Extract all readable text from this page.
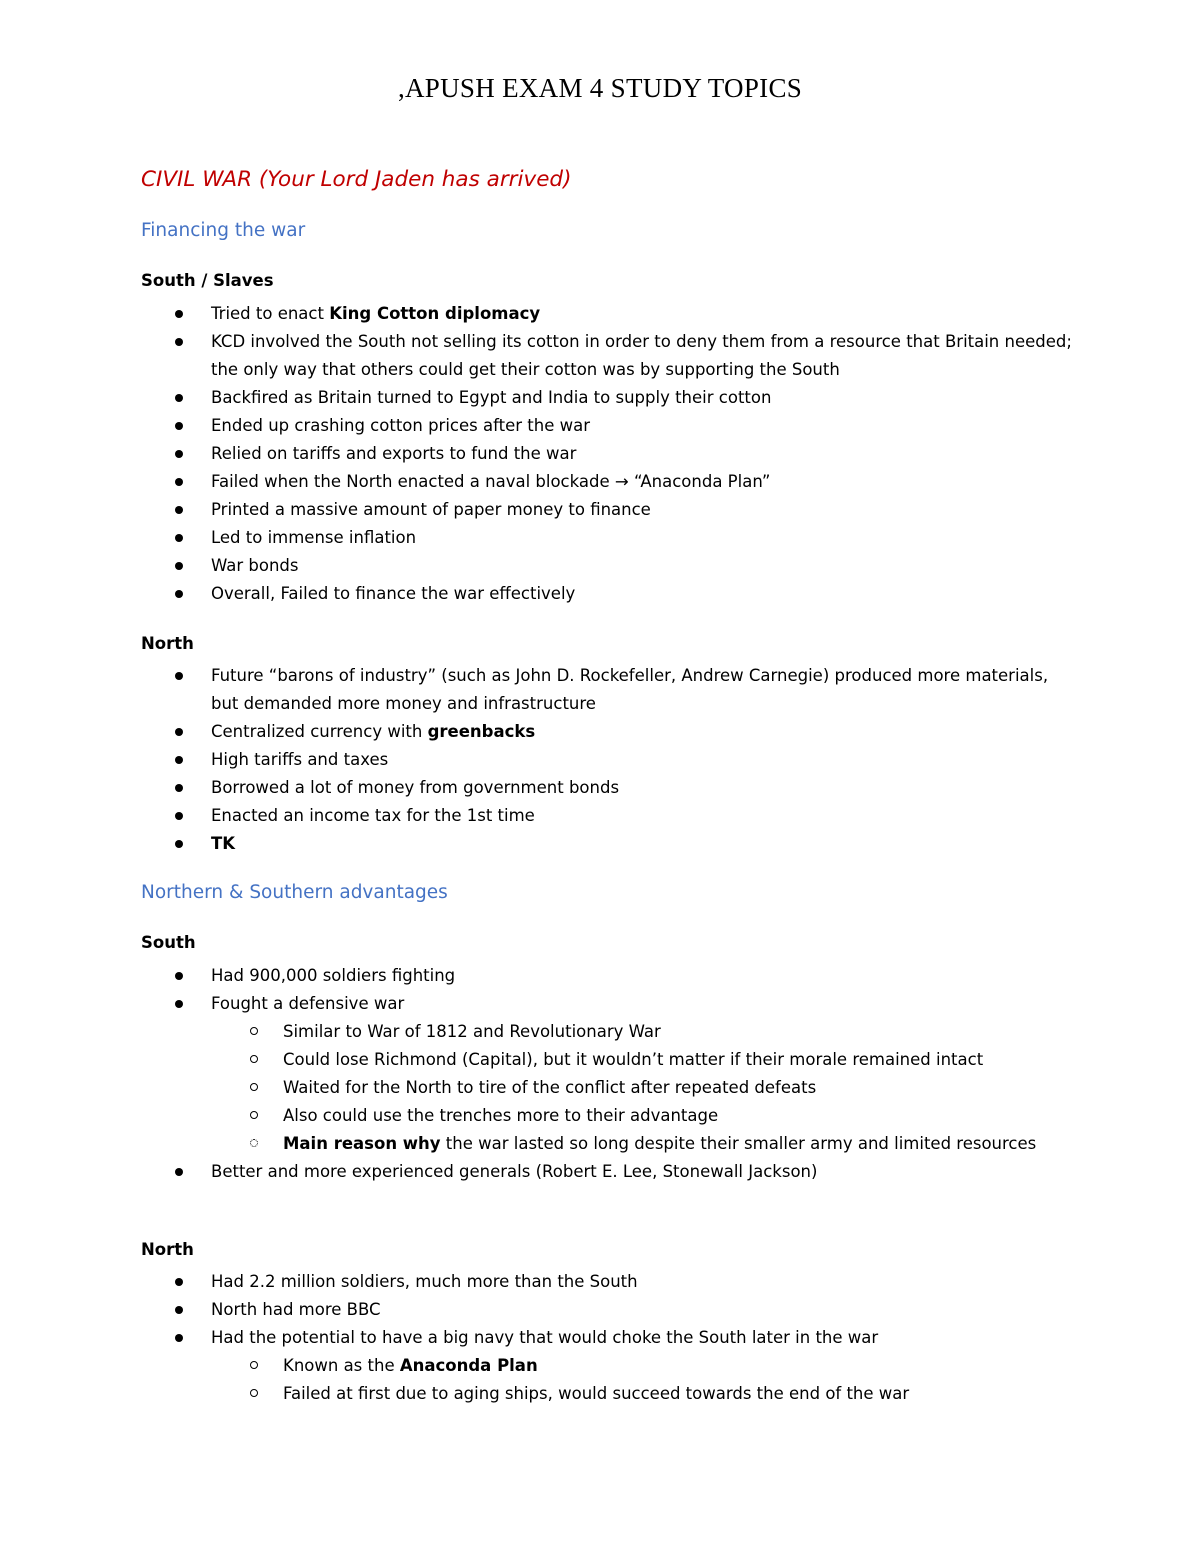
,APUSH EXAM 4 STUDY TOPICS
CIVIL WAR (Your Lord Jaden has arrived)
Financing the war
South / Slaves
Tried to enact King Cotton diplomacy
KCD involved the South not selling its cotton in order to deny them from a resource that Britain needed; the only way that others could get their cotton was by supporting the South
Backfired as Britain turned to Egypt and India to supply their cotton
Ended up crashing cotton prices after the war
Relied on tariffs and exports to fund the war
Failed when the North enacted a naval blockade → “Anaconda Plan”
Printed a massive amount of paper money to finance
Led to immense inflation
War bonds
Overall, Failed to finance the war effectively
North
Future “barons of industry” (such as John D. Rockefeller, Andrew Carnegie) produced more materials, but demanded more money and infrastructure
Centralized currency with greenbacks
High tariffs and taxes
Borrowed a lot of money from government bonds
Enacted an income tax for the 1st time
TK
Northern & Southern advantages
South
Had 900,000 soldiers fighting
Fought a defensive war
Similar to War of 1812 and Revolutionary War
Could lose Richmond (Capital), but it wouldn’t matter if their morale remained intact
Waited for the North to tire of the conflict after repeated defeats
Also could use the trenches more to their advantage
Main reason why the war lasted so long despite their smaller army and limited resources
Better and more experienced generals (Robert E. Lee, Stonewall Jackson)
North
Had 2.2 million soldiers, much more than the South
North had more BBC
Had the potential to have a big navy that would choke the South later in the war
Known as the Anaconda Plan
Failed at first due to aging ships, would succeed towards the end of the war
